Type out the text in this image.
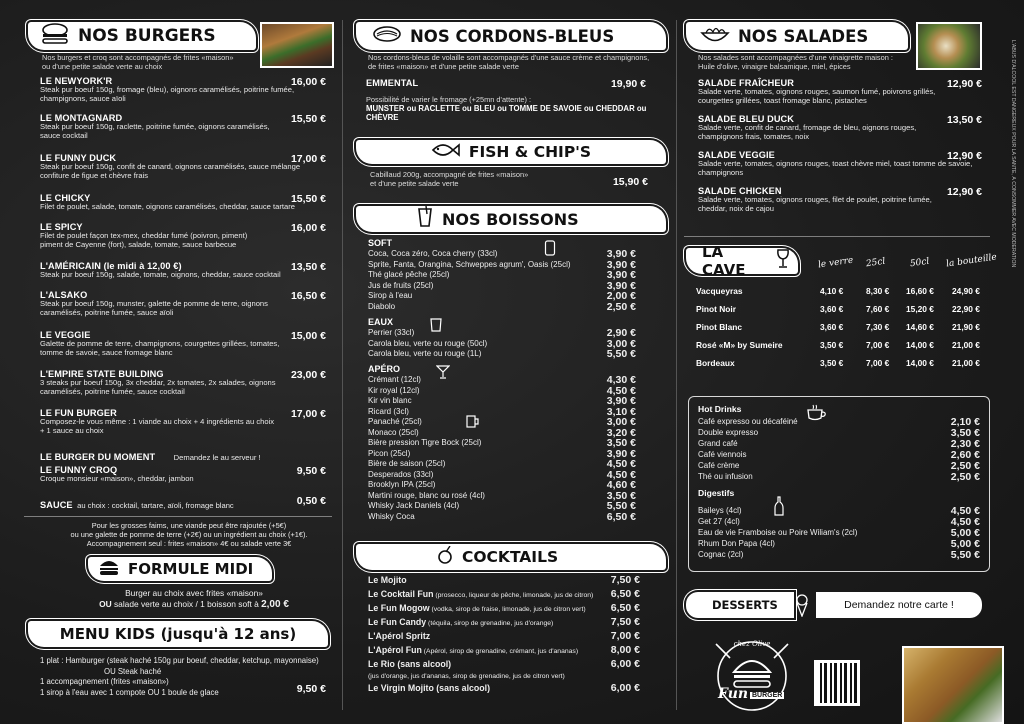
NOS BURGERS
Nos burgers et croq sont accompagnés de frites «maison»
ou d'une petite salade verte au choix
LE NEWYORK'R	16,00 €
Steak pur boeuf 150g, fromage (bleu), oignons caramélisés, poitrine fumée,
champignons, sauce aïoli
LE MONTAGNARD	15,50 €
Steak pur boeuf 150g, raclette, poitrine fumée, oignons caramélisés,
sauce cocktail
LE FUNNY DUCK	17,00 €
Steak pur boeuf 150g, confit de canard, oignons caramélisés, sauce mélange
confiture de figue et chèvre frais
LE CHICKY	15,50 €
Filet de poulet, salade, tomate, oignons caramélisés, cheddar, sauce tartare
LE SPICY	16,00 €
Filet de poulet façon tex-mex, cheddar fumé (poivron, piment)
piment de Cayenne (fort), salade, tomate, sauce barbecue
L'AMÉRICAIN (le midi à 12,00 €)	13,50 €
Steak pur boeuf 150g, salade, tomate, oignons, cheddar, sauce cocktail
L'ALSAKO	16,50 €
Steak pur boeuf 150g, munster, galette de pomme de terre, oignons
caramélisés, poitrine fumée, sauce aïoli
LE VEGGIE	15,00 €
Galette de pomme de terre, champignons, courgettes grillées, tomates,
tomme de savoie, sauce fromage blanc
L'EMPIRE STATE BUILDING	23,00 €
3 steaks pur boeuf 150g, 3x cheddar, 2x tomates, 2x salades, oignons
caramélisés, poitrine fumée, sauce cocktail
LE FUN BURGER	17,00 €
Composez-le vous même : 1 viande au choix + 4 ingrédients au choix
+ 1 sauce au choix
LE BURGER DU MOMENT Demandez le au serveur !
LE FUNNY CROQ	9,50 €
Croque monsieur «maison», cheddar, jambon
SAUCE au choix : cocktail, tartare, aïoli, fromage blanc	0,50 €
Pour les grosses faims, une viande peut être rajoutée (+5€)
ou une galette de pomme de terre (+2€) ou un ingrédient au choix (+1€).
Accompagnement seul : frites «maison» 4€ ou salade verte 3€
FORMULE MIDI
Burger au choix avec frites «maison»
OU salade verte au choix / 1 boisson soft à 2,00 €
MENU KIDS (jusqu'à 12 ans)
1 plat : Hamburger (steak haché 150g pur boeuf, cheddar, ketchup, mayonnaise)
OU Steak haché
1 accompagnement (frites «maison»)
1 sirop à l'eau avec 1 compote OU 1 boule de glace	9,50 €
NOS CORDONS-BLEUS
Nos cordons-bleus de volaille sont accompagnés d'une sauce crème et champignons,
de frites «maison» et d'une petite salade verte
EMMENTAL	19,90 €
Possibilité de varier le fromage (+25mn d'attente) :
MUNSTER ou RACLETTE ou BLEU ou TOMME DE SAVOIE ou CHEDDAR ou CHÈVRE
FISH & CHIP'S
Cabillaud 200g, accompagné de frites «maison»
et d'une petite salade verte	15,90 €
NOS BOISSONS
SOFT
Coca, Coca zéro, Coca cherry (33cl)	3,90 €
Sprite, Fanta, Orangina, Schweppes agrum', Oasis (25cl)	3,90 €
Thé glacé pêche (25cl)	3,90 €
Jus de fruits (25cl)	3,90 €
Sirop à l'eau	2,00 €
Diabolo	2,50 €
EAUX
Perrier (33cl)	2,90 €
Carola bleu, verte ou rouge (50cl)	3,00 €
Carola bleu, verte ou rouge (1L)	5,50 €
APÉRO
Crémant (12cl)	4,30 €
Kir royal (12cl)	4,50 €
Kir vin blanc	3,90 €
Ricard (3cl)	3,10 €
Panaché (25cl)	3,00 €
Monaco (25cl)	3,20 €
Bière pression Tigre Bock (25cl)	3,50 €
Picon (25cl)	3,90 €
Bière de saison (25cl)	4,50 €
Desperados (33cl)	4,50 €
Brooklyn IPA (25cl)	4,60 €
Martini rouge, blanc ou rosé (4cl)	3,50 €
Whisky Jack Daniels (4cl)	5,50 €
Whisky Coca	6,50 €
COCKTAILS
Le Mojito	7,50 €
Le Cocktail Fun (prosecco, liqueur de pêche, limonade, jus de citron) 6,50 €
Le Fun Mogow (vodka, sirop de fraise, limonade, jus de citron vert) 6,50 €
Le Fun Candy (téquila, sirop de grenadine, jus d'orange)	7,50 €
L'Apérol Spritz	7,00 €
L'Apérol Fun (Apérol, sirop de grenadine, crémant, jus d'ananas)	8,00 €
Le Rio (sans alcool)	6,00 €
(jus d'orange, jus d'ananas, sirop de grenadine, jus de citron vert)
Le Virgin Mojito (sans alcool)	6,00 €
NOS SALADES
Nos salades sont accompagnées d'une vinaigrette maison :
Huile d'olive, vinaigre balsamique, miel, épices
SALADE FRAÎCHEUR	12,90 €
Salade verte, tomates, oignons rouges, saumon fumé, poivrons grillés,
courgettes grillées, toast fromage blanc, pistaches
SALADE BLEU DUCK	13,50 €
Salade verte, confit de canard, fromage de bleu, oignons rouges,
champignons frais, tomates, noix
SALADE VEGGIE	12,90 €
Salade verte, tomates, oignons rouges, toast chèvre miel, toast tomme de savoie,
champignons
SALADE CHICKEN	12,90 €
Salade verte, tomates, oignons rouges, filet de poulet, poitrine fumée,
cheddar, noix de cajou
LA CAVE	le verre 25cl	50cl la bouteille
Vacqueyras	4,10 €	8,30 € 16,60 € 24,90 €
Pinot Noir	3,60 €	7,60 € 15,20 € 22,90 €
Pinot Blanc	3,60 €	7,30 € 14,60 € 21,90 €
Rosé «M» by Sumeire	3,50 €	7,00 € 14,00 € 21,00 €
Bordeaux	3,50 €	7,00 € 14,00 € 21,00 €
Hot Drinks
Café expresso ou décaféiné	2,10 €
Double expresso	3,50 €
Grand café	2,30 €
Café viennois	2,60 €
Café crème	2,50 €
Thé ou infusion	2,50 €
Digestifs
Baileys (4cl)	4,50 €
Get 27 (4cl)	4,50 €
Eau de vie Framboise ou Poire Wiliam's (2cl)	5,00 €
Rhum Don Papa (4cl)	5,00 €
Cognac (2cl)	5,50 €
DESSERTS	Demandez notre carte !
chez Olive
Fun BURGER
L'ABUS D'ALCOOL EST DANGEREUX POUR LA SANTÉ, À CONSOMMER AVEC MODÉRATION
